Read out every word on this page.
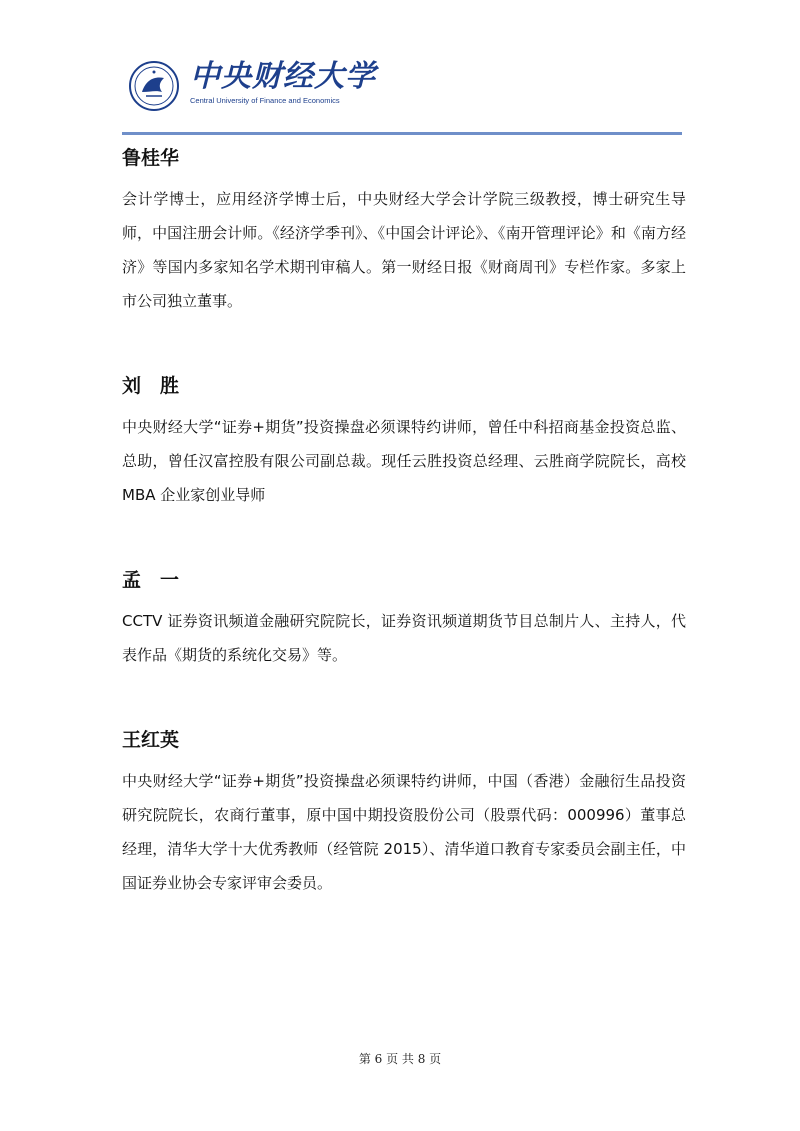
中央财经大学
Central University of Finance and Economics
鲁桂华

会计学博士，应用经济学博士后，中央财经大学会计学院三级教授，博士研究生导师，中国注册会计师。《经济学季刊》、《中国会计评论》、《南开管理评论》和《南方经济》等国内多家知名学术期刊审稿人。第一财经日报《财商周刊》专栏作家。多家上市公司独立董事。

刘　胜

中央财经大学“证券+期货”投资操盘必须课特约讲师，曾任中科招商基金投资总监、总助，曾任汉富控股有限公司副总裁。现任云胜投资总经理、云胜商学院院长，高校 MBA 企业家创业导师

孟　一

CCTV 证券资讯频道金融研究院院长，证券资讯频道期货节目总制片人、主持人，代表作品《期货的系统化交易》等。

王红英

中央财经大学“证券+期货”投资操盘必须课特约讲师，中国（香港）金融衍生品投资研究院院长，农商行董事，原中国中期投资股份公司（股票代码：000996）董事总经理，清华大学十大优秀教师（经管院 2015）、清华道口教育专家委员会副主任，中国证券业协会专家评审会委员。

第 6 页 共 8 页
